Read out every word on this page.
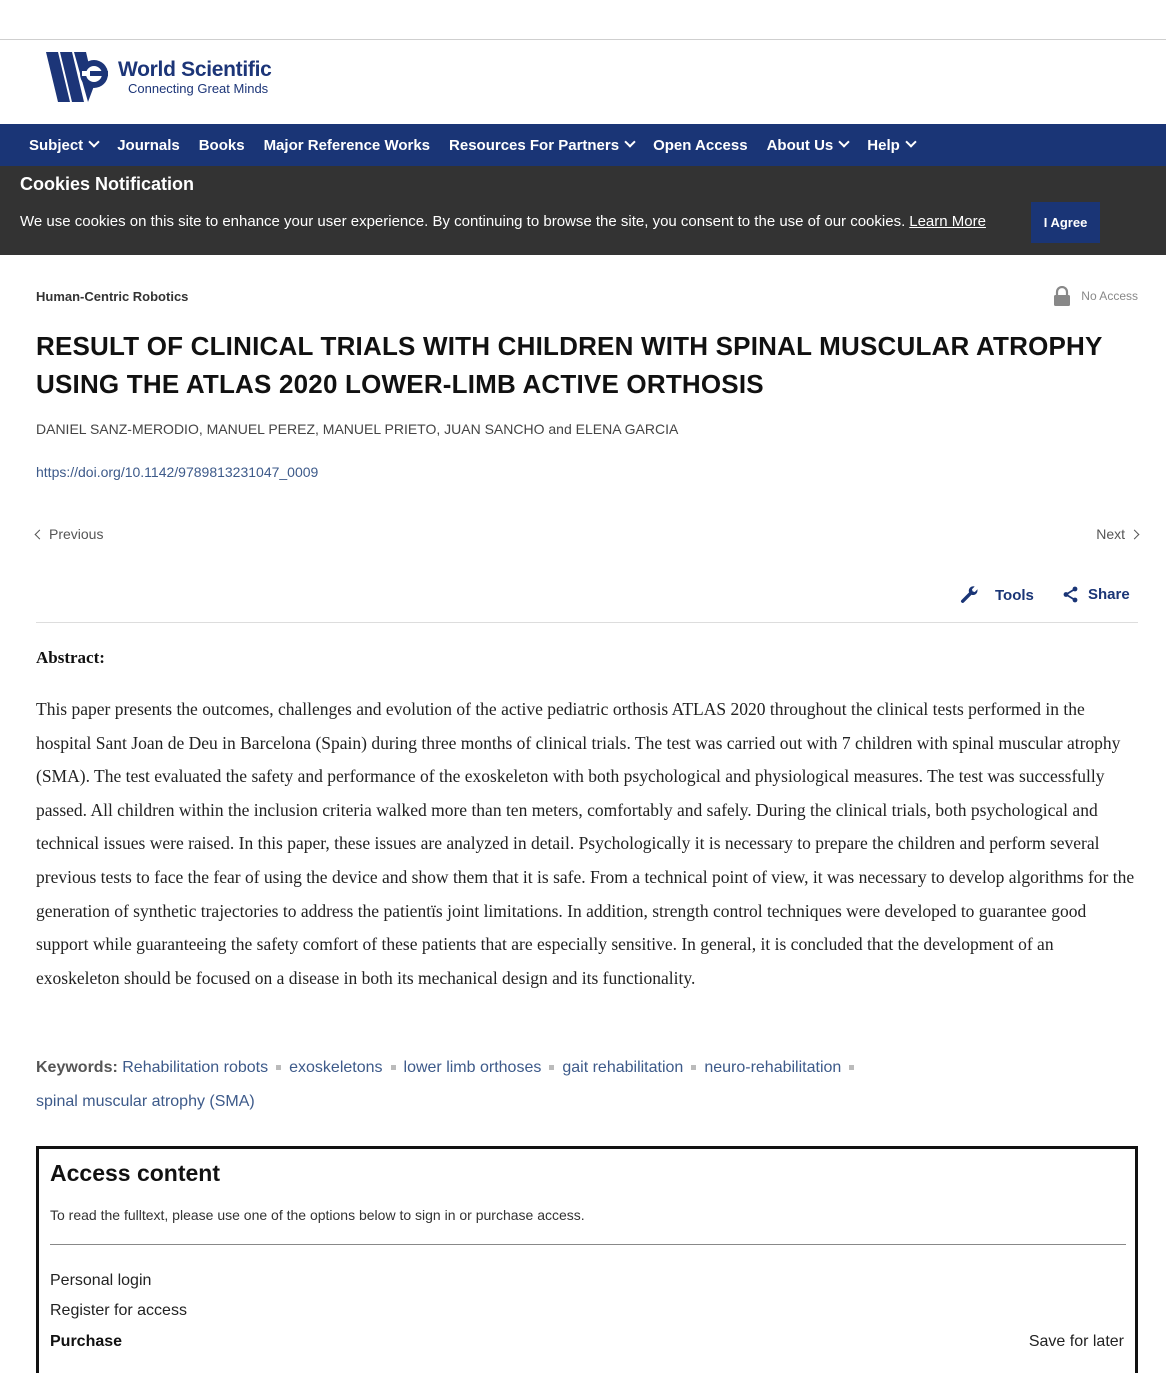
World Scientific
Connecting Great Minds
Subject Journals Books Major Reference Works Resources For Partners Open Access About Us Help
Cookies Notification
We use cookies on this site to enhance your user experience. By continuing to browse the site, you consent to the use of our cookies. Learn More	I Agree
Human-Centric Robotics	No Access
RESULT OF CLINICAL TRIALS WITH CHILDREN WITH SPINAL MUSCULAR ATROPHY USING THE ATLAS 2020 LOWER-LIMB ACTIVE ORTHOSIS
DANIEL SANZ-MERODIO, MANUEL PEREZ, MANUEL PRIETO, JUAN SANCHO and ELENA GARCIA
https://doi.org/10.1142/9789813231047_0009
Previous	Next
Tools	Share
Abstract:

This paper presents the outcomes, challenges and evolution of the active pediatric orthosis ATLAS 2020 throughout the clinical tests performed in the hospital Sant Joan de Deu in Barcelona (Spain) during three months of clinical trials. The test was carried out with 7 children with spinal muscular atrophy (SMA). The test evaluated the safety and performance of the exoskeleton with both psychological and physiological measures. The test was successfully passed. All children within the inclusion criteria walked more than ten meters, comfortably and safely. During the clinical trials, both psychological and technical issues were raised. In this paper, these issues are analyzed in detail. Psychologically it is necessary to prepare the children and perform several previous tests to face the fear of using the device and show them that it is safe. From a technical point of view, it was necessary to develop algorithms for the generation of synthetic trajectories to address the patientïs joint limitations. In addition, strength control techniques were developed to guarantee good support while guaranteeing the safety comfort of these patients that are especially sensitive. In general, it is concluded that the development of an exoskeleton should be focused on a disease in both its mechanical design and its functionality.

Keywords: Rehabilitation robots exoskeletons lower limb orthoses gait rehabilitation neuro-rehabilitation
spinal muscular atrophy (SMA)
Access content
To read the fulltext, please use one of the options below to sign in or purchase access.
Personal login
Register for access
Purchase	Save for later
